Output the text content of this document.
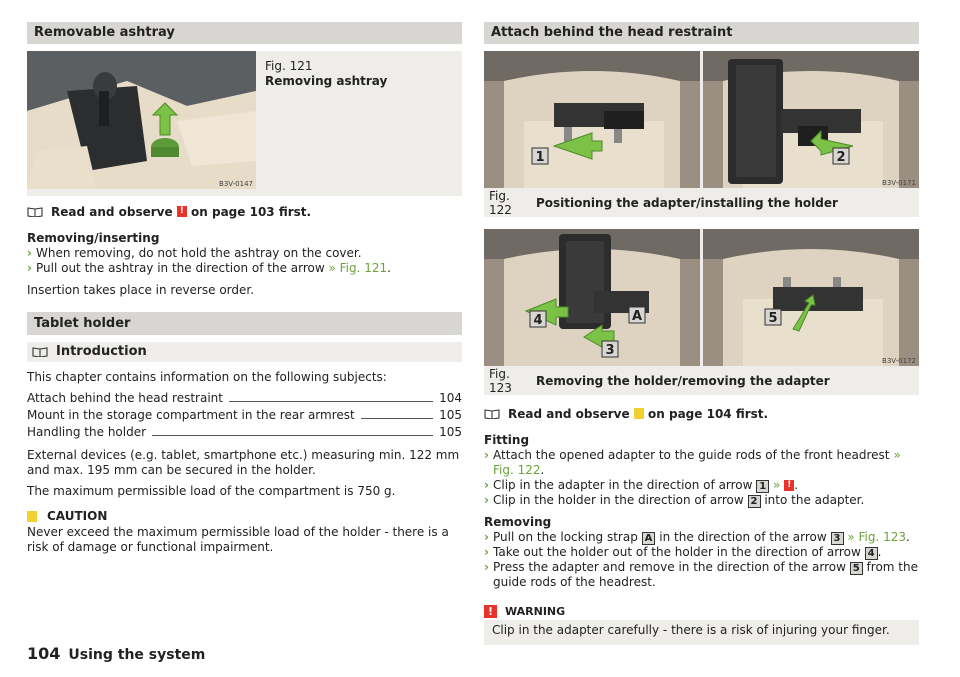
Removable ashtray
B3V-0147
Fig. 121
Removing ashtray
Read and observe
!
on page 103 first.

Removing/inserting

› When removing, do not hold the ashtray on the cover.
› Pull out the ashtray in the direction of the arrow » Fig. 121.

Insertion takes place in reverse order.

Tablet holder
Introduction

This chapter contains information on the following subjects:

Attach behind the head restraint	104
Mount in the storage compartment in the rear armrest	105
Handling the holder	105

External devices (e.g. tablet, smartphone etc.) measuring min. 122 mm and max. 195 mm can be secured in the holder.

The maximum permissible load of the compartment is 750 g.

CAUTION

Never exceed the maximum permissible load of the holder - there is a risk of damage or functional impairment.

Attach behind the head restraint
1	2
B3V-0171
Fig. 122	Positioning the adapter/installing the holder
4	A
3
5
B3V-0172
Fig. 123	Removing the holder/removing the adapter
Read and observe

on page 104 first.

Fitting

› Attach the opened adapter to the guide rods of the front headrest » Fig. 122.
› Clip in the adapter in the direction of arrow 1 » ! .
› Clip in the holder in the direction of arrow 2 into the adapter.

Removing

› Pull on the locking strap A in the direction of the arrow 3 » Fig. 123.
› Take out the holder out of the holder in the direction of arrow 4 .
› Press the adapter and remove in the direction of the arrow 5 from the guide rods of the headrest.
!	WARNING

Clip in the adapter carefully - there is a risk of injuring your finger.

104 Using the system
